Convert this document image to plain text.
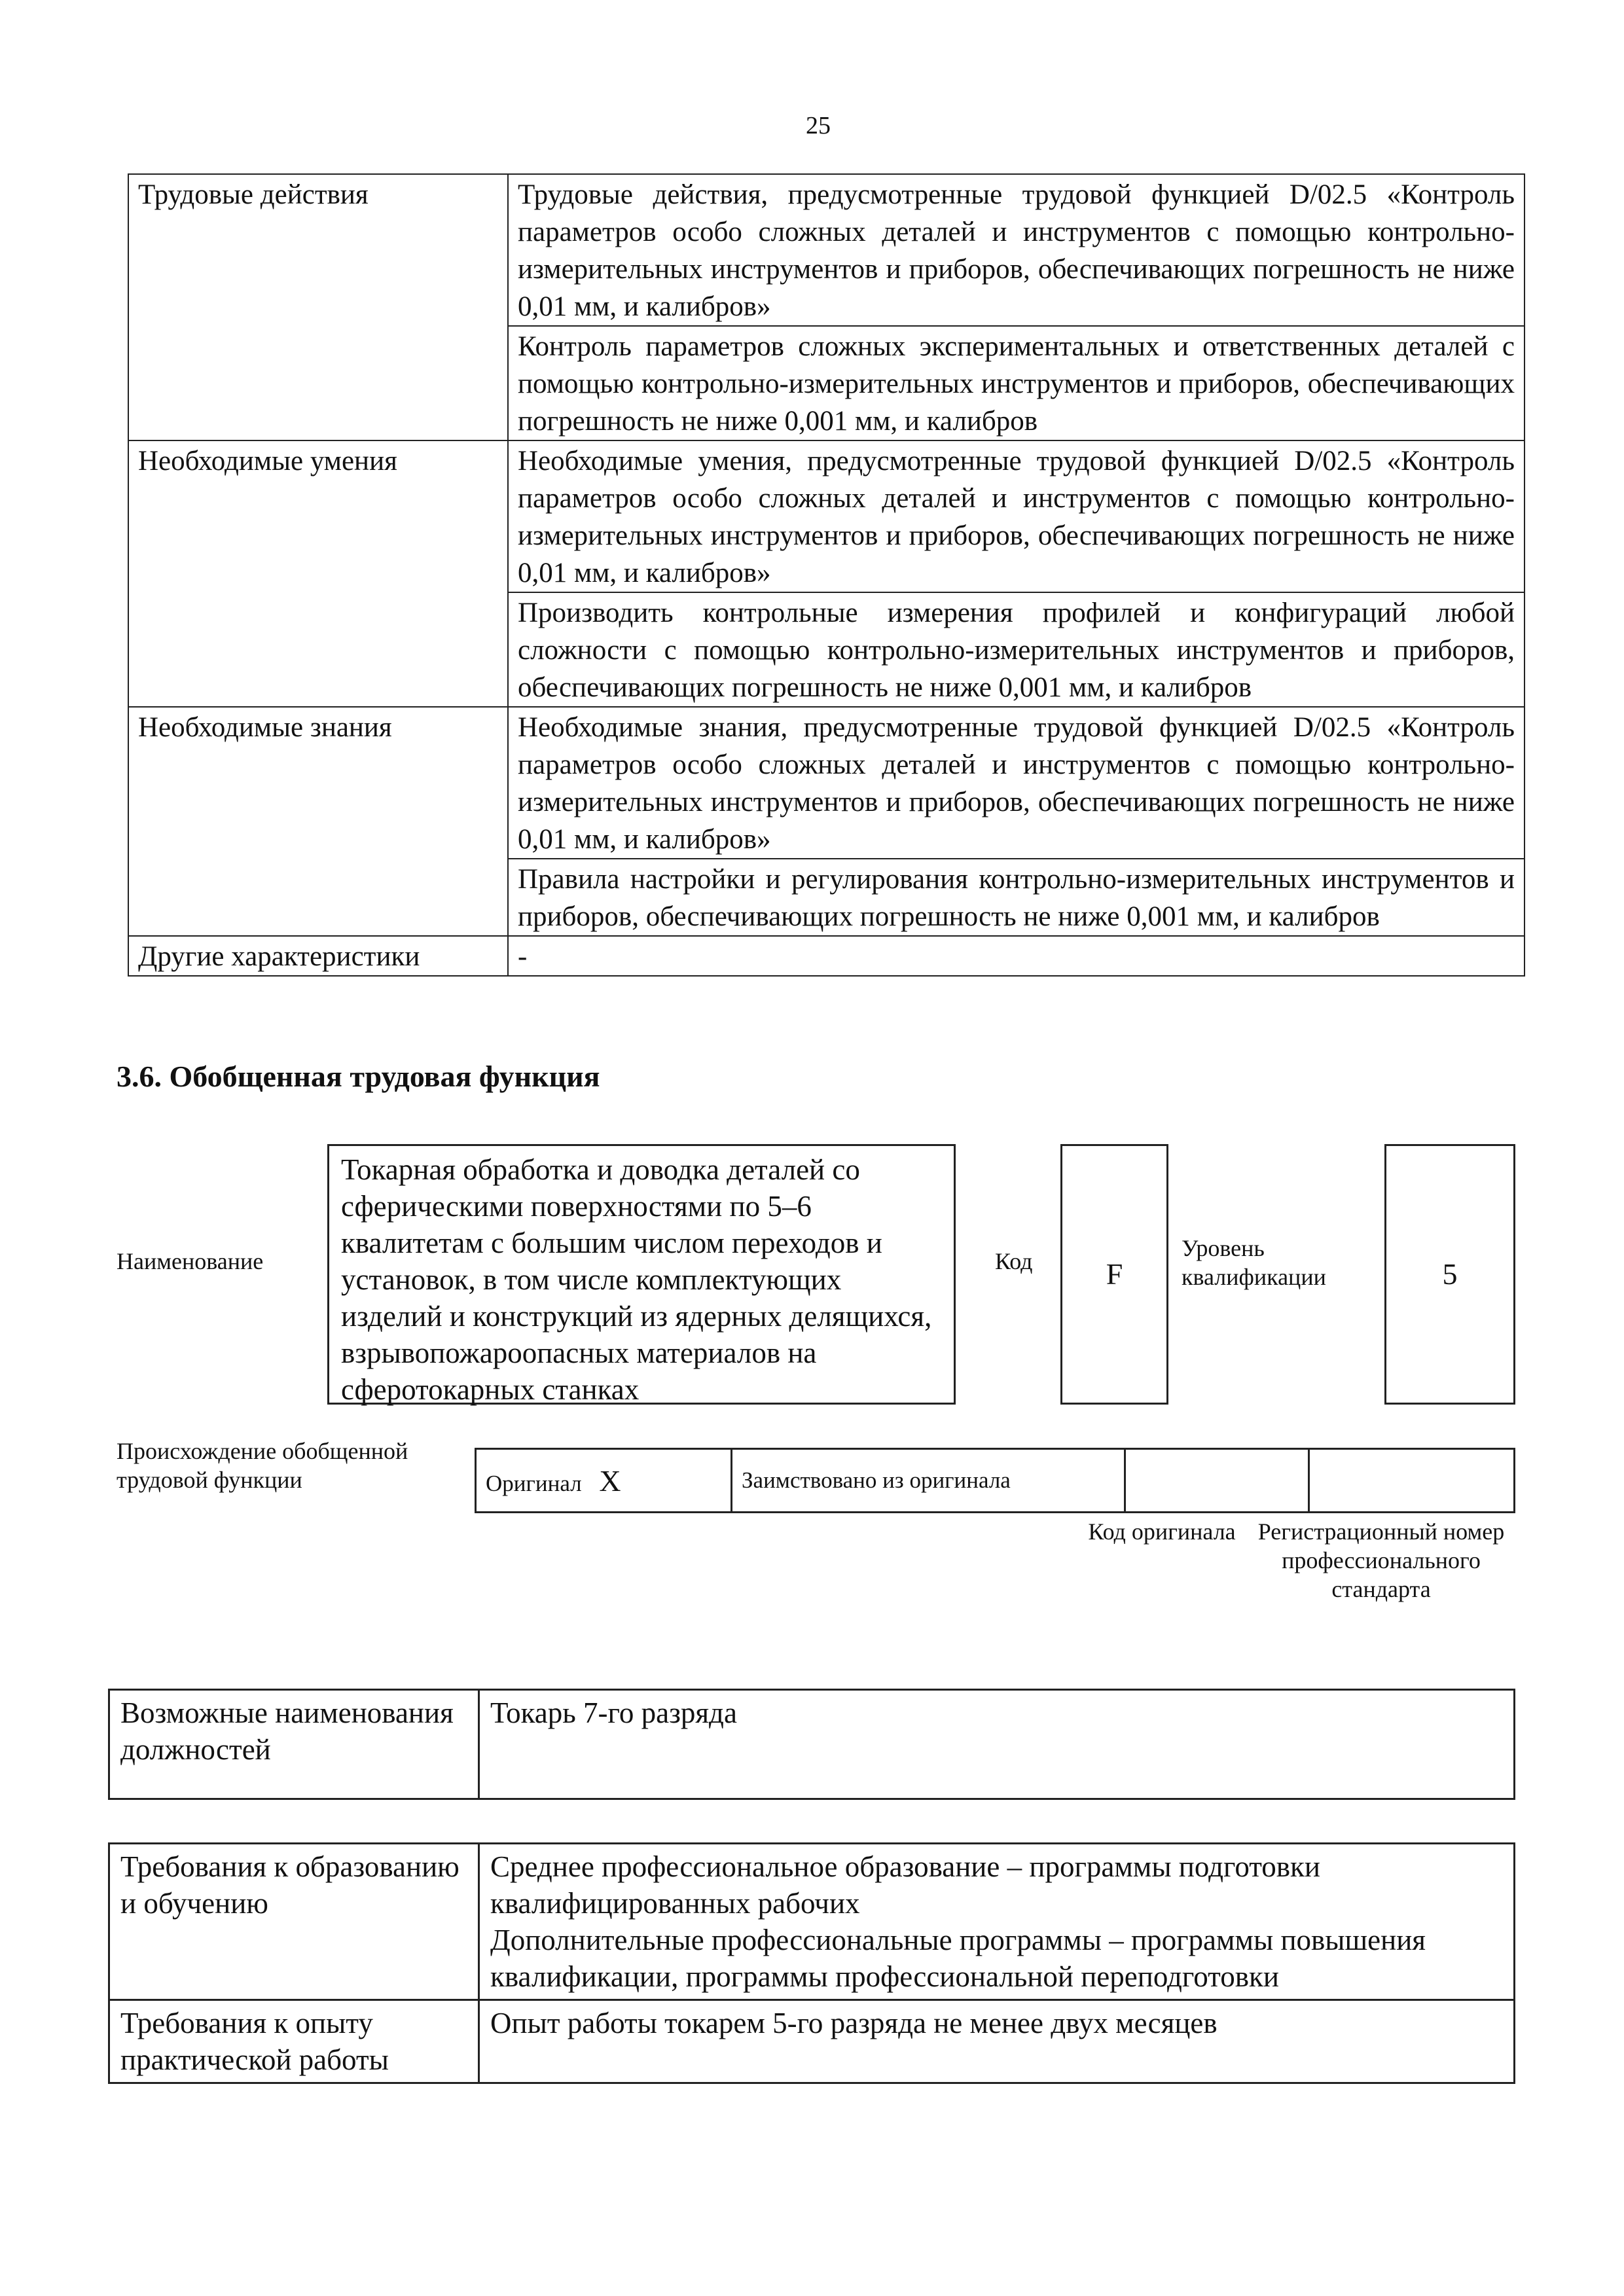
25
Трудовые действия	Трудовые действия, предусмотренные трудовой функцией D/02.5 «Контроль параметров особо сложных деталей и инструментов с помощью контрольно-измерительных инструментов и приборов, обеспечивающих погрешность не ниже 0,01 мм, и калибров»
	Контроль параметров сложных экспериментальных и ответственных деталей с помощью контрольно-измерительных инструментов и приборов, обеспечивающих погрешность не ниже 0,001 мм, и калибров
Необходимые умения	Необходимые умения, предусмотренные трудовой функцией D/02.5 «Контроль параметров особо сложных деталей и инструментов с помощью контрольно-измерительных инструментов и приборов, обеспечивающих погрешность не ниже 0,01 мм, и калибров»
	Производить контрольные измерения профилей и конфигураций любой сложности с помощью контрольно-измерительных инструментов и приборов, обеспечивающих погрешность не ниже 0,001 мм, и калибров
Необходимые знания	Необходимые знания, предусмотренные трудовой функцией D/02.5 «Контроль параметров особо сложных деталей и инструментов с помощью контрольно-измерительных инструментов и приборов, обеспечивающих погрешность не ниже 0,01 мм, и калибров»
	Правила настройки и регулирования контрольно-измерительных инструментов и приборов, обеспечивающих погрешность не ниже 0,001 мм, и калибров
Другие характеристики	-
3.6. Обобщенная трудовая функция
Наименование
Токарная обработка и доводка деталей со сферическими поверхностями по 5–6 квалитетам с большим числом переходов и установок, в том числе комплектующих изделий и конструкций из ядерных делящихся, взрывопожароопасных материалов на сферотокарных станках
Код	F
Уровень квалификации	5
Происхождение обобщенной трудовой функции	Оригинал X	Заимствовано из оригинала		
Код оригинала Регистрационный номер профессионального стандарта
Возможные наименования должностей	Токарь 7-го разряда
Требования к образованию и обучению	Среднее профессиональное образование – программы подготовки квалифицированных рабочих
Дополнительные профессиональные программы – программы повышения квалификации, программы профессиональной переподготовки

Требования к опыту практической работы	Опыт работы токарем 5-го разряда не менее двух месяцев
